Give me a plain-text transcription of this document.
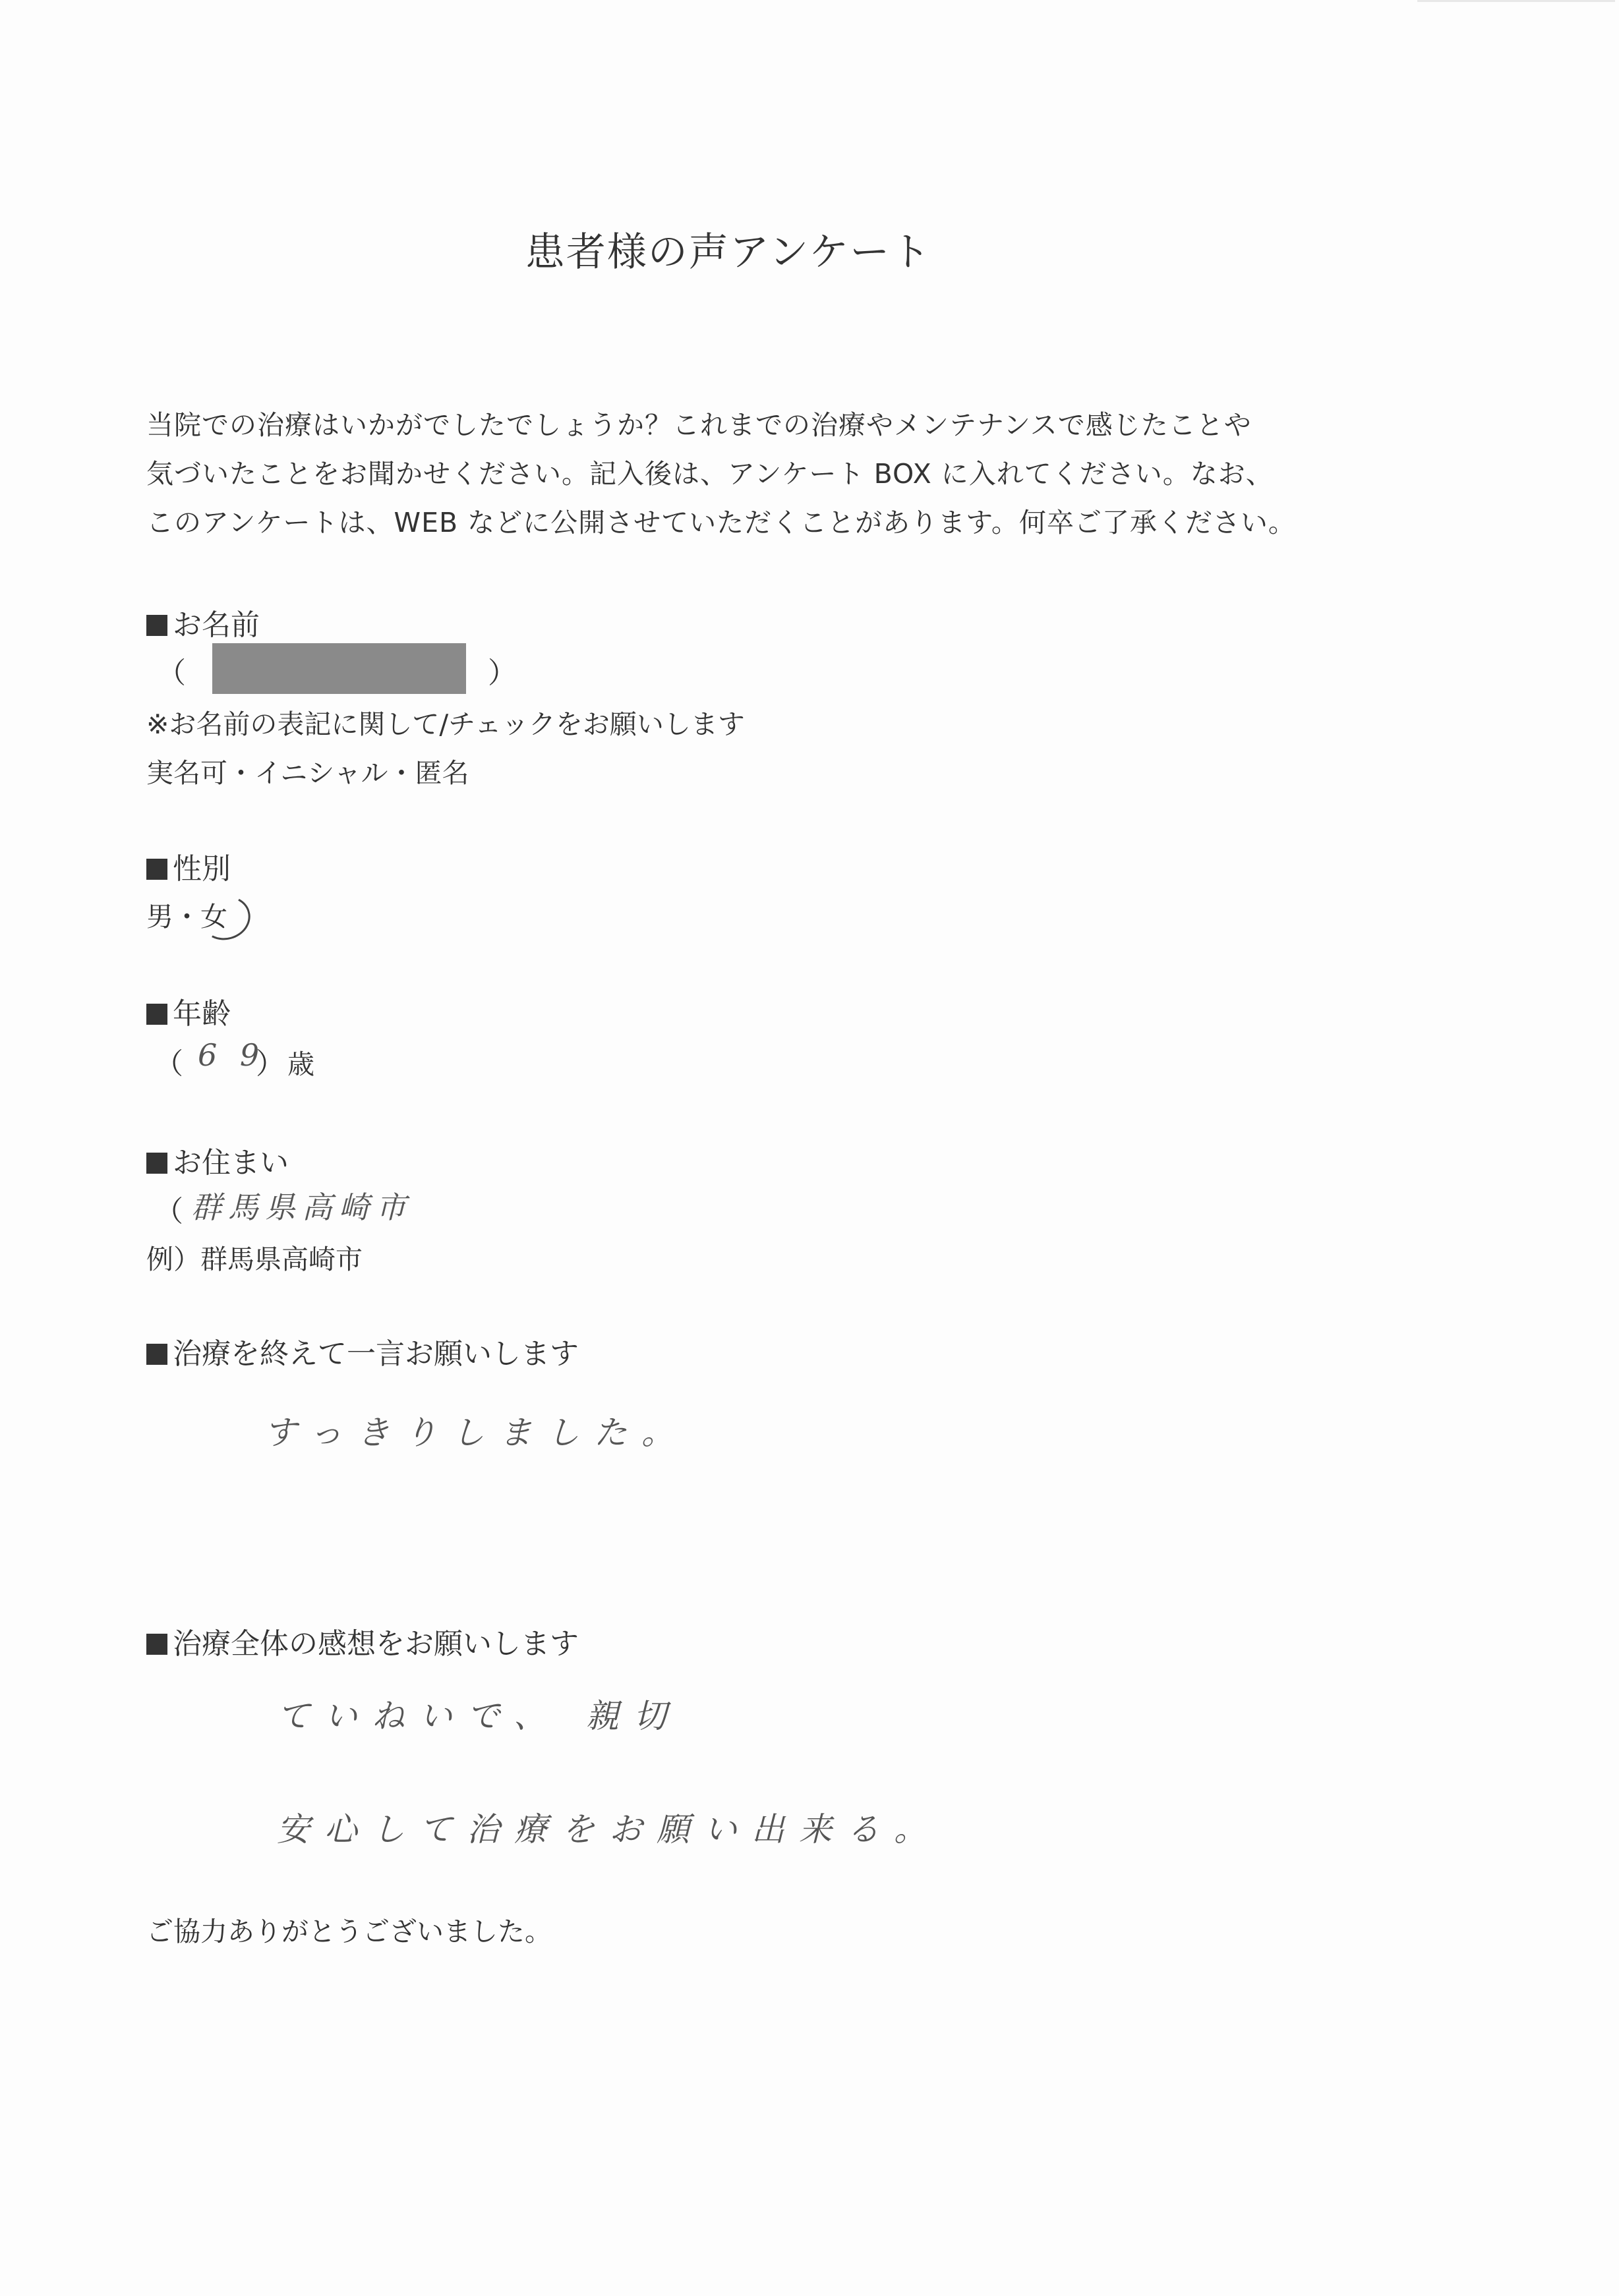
患者様の声アンケート
当院での治療はいかがでしたでしょうか？これまでの治療やメンテナンスで感じたことや
気づいたことをお聞かせください。記入後は、アンケート BOX に入れてください。なお、
このアンケートは、WEB などに公開させていただくことがあります。何卒ご了承ください。
お名前
（	）
※お名前の表記に関して/チェックをお願いします
実名可・イニシャル・匿名
性別
男・女
年齢
（ 6 9
） 歳
お住まい
（ 群馬県高崎市
例）群馬県高崎市
治療を終えて一言お願いします
すっきりしました。
治療全体の感想をお願いします
ていねいで、 親切
安心して治療をお願い出来る。
ご協力ありがとうございました。
